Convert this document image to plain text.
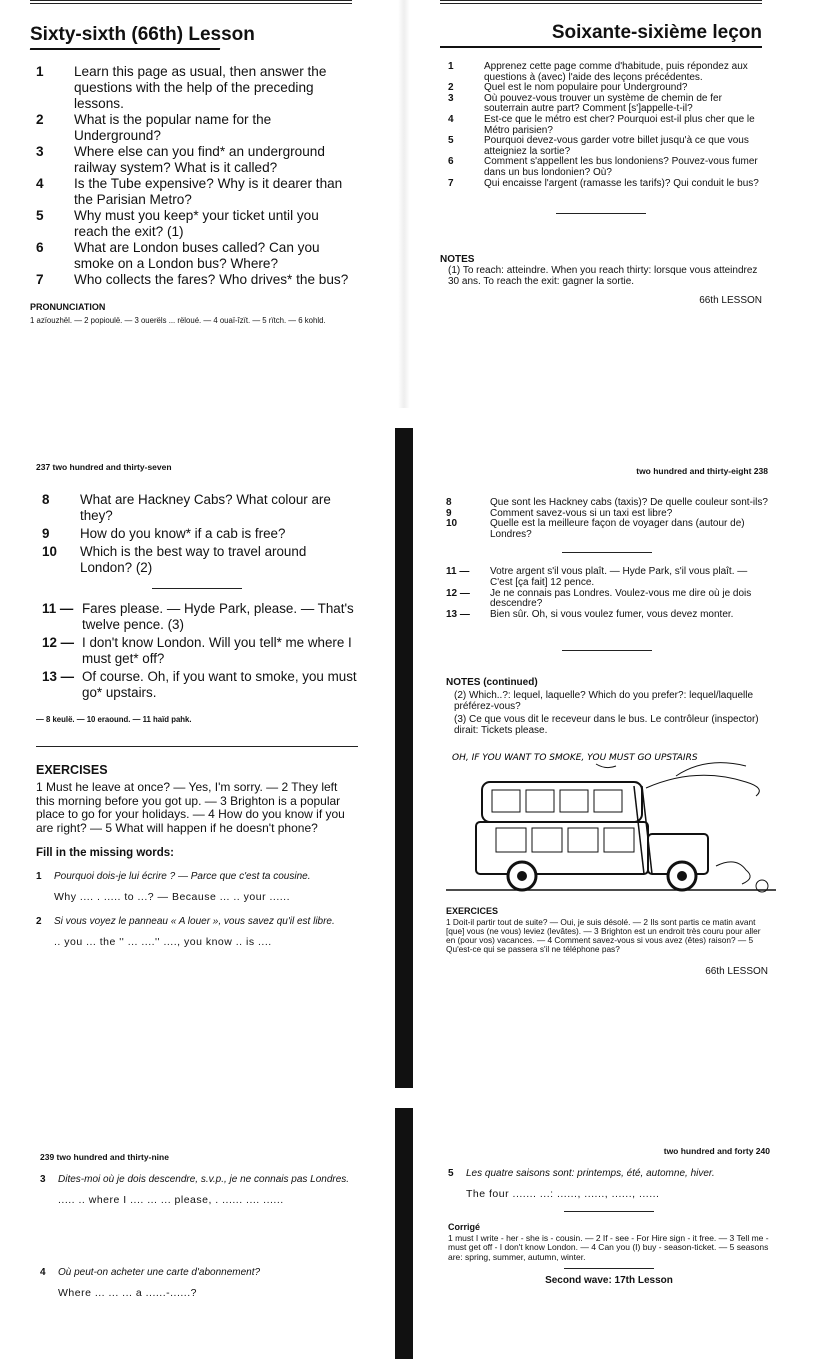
Sixty-sixth (66th) Lesson
1	Learn this page as usual, then answer the questions with the help of the preceding lessons.
2	What is the popular name for the Underground?
3	Where else can you find* an underground railway system? What is it called?
4	Is the Tube expensive? Why is it dearer than the Parisian Metro?
5	Why must you keep* your ticket until you reach the exit? (1)
6	What are London buses called? Can you smoke on a London bus? Where?
7	Who collects the fares? Who drives* the bus?
PRONUNCIATION
1 azïouzhël. — 2 popioulë. — 3 ouerëls ... rëloué. — 4 ouaï-îzït. — 5 rïtch. — 6 kohld.
Soixante-sixième leçon
1	Apprenez cette page comme d'habitude, puis répondez aux questions à (avec) l'aide des leçons précédentes.
2	Quel est le nom populaire pour Underground?
3	Où pouvez-vous trouver un système de chemin de fer souterrain autre part? Comment [s']appelle-t-il?
4	Est-ce que le métro est cher? Pourquoi est-il plus cher que le Métro parisien?
5	Pourquoi devez-vous garder votre billet jusqu'à ce que vous atteigniez la sortie?
6	Comment s'appellent les bus londoniens? Pouvez-vous fumer dans un bus londonien? Où?
7	Qui encaisse l'argent (ramasse les tarifs)? Qui conduit le bus?
NOTES
(1) To reach: atteindre. When you reach thirty: lorsque vous atteindrez 30 ans. To reach the exit: gagner la sortie.
66th LESSON
237 two hundred and thirty-seven
8	What are Hackney Cabs? What colour are they?
9	How do you know* if a cab is free?
10	Which is the best way to travel around London? (2)
11 — Fares please. — Hyde Park, please. — That's twelve pence. (3)
12 — I don't know London. Will you tell* me where I must get* off?
13 — Of course. Oh, if you want to smoke, you must go* upstairs.
— 8 keulë. — 10 eraound. — 11 haïd pahk.
EXERCISES
1 Must he leave at once? — Yes, I'm sorry. — 2 They left this morning before you got up. — 3 Brighton is a popular place to go for your holidays. — 4 How do you know if you are right? — 5 What will happen if he doesn't phone?
Fill in the missing words:
1	Pourquoi dois-je lui écrire ? — Parce que c'est ta cousine.
Why .... . ..... to ...? — Because ... .. your ......
2	Si vous voyez le panneau « A louer », vous savez qu'il est libre.
.. you ... the '' ... ....'' ...., you know .. is ....
two hundred and thirty-eight 238
8	Que sont les Hackney cabs (taxis)? De quelle couleur sont-ils?
9	Comment savez-vous si un taxi est libre?
10	Quelle est la meilleure façon de voyager dans (autour de) Londres?
11 —	Votre argent s'il vous plaît. — Hyde Park, s'il vous plaît. — C'est [ça fait] 12 pence.
12 —	Je ne connais pas Londres. Voulez-vous me dire où je dois descendre?
13 —	Bien sûr. Oh, si vous voulez fumer, vous devez monter.
NOTES (continued)
(2) Which..?: lequel, laquelle? Which do you prefer?: lequel/laquelle préférez-vous?
(3) Ce que vous dit le receveur dans le bus. Le contrôleur (inspector) dirait: Tickets please.
OH, IF YOU WANT TO SMOKE, YOU MUST GO UPSTAIRS
EXERCICES
1 Doit-il partir tout de suite? — Oui, je suis désolé. — 2 Ils sont partis ce matin avant [que] vous (ne vous) leviez (levâtes). — 3 Brighton est un endroit très couru pour aller en (pour vos) vacances. — 4 Comment savez-vous si vous avez (êtes) raison? — 5 Qu'est-ce qui se passera s'il ne téléphone pas?
66th LESSON
239 two hundred and thirty-nine
3	Dites-moi où je dois descendre, s.v.p., je ne connais pas Londres.
..... .. where I .... ... ... please, . ...... .... ......
4	Où peut-on acheter une carte d'abonnement?
Where ... ... ... a ......-......?
two hundred and forty 240
5	Les quatre saisons sont: printemps, été, automne, hiver.
The four ....... ...: ......, ......, ......, ......
Corrigé
1 must I write - her - she is - cousin. — 2 If - see - For Hire sign - it free. — 3 Tell me - must get off - I don't know London. — 4 Can you (I) buy - season-ticket. — 5 seasons are: spring, summer, autumn, winter.
Second wave: 17th Lesson
